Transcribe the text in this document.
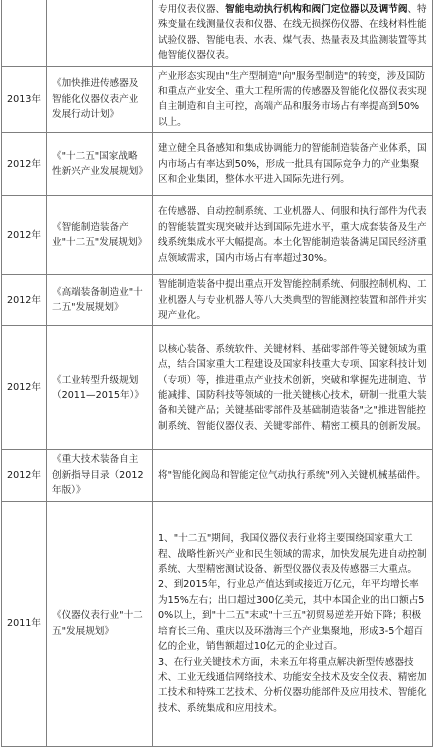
		专用仪表仪器、智能电动执行机构和阀门定位器以及调节阀、特殊变量在线测量仪表和仪器、在线无损探伤仪器、在线材料性能试验仪器、智能电表、水表、煤气表、热量表及其监测装置等其他智能仪器仪表。

2013年	《加快推进传感器及智能化仪器仪表产业发展行动计划》	产业形态实现由"生产型制造"向"服务型制造"的转变，涉及国防和重点产业安全、重大工程所需的传感器及智能化仪器仪表实现自主制造和自主可控，高端产品和服务市场占有率提高到50%以上。

2012年	《"十二五"国家战略性新兴产业发展规划》	建立健全具备感知和集成协调能力的智能制造装备产业体系，国内市场占有率达到50%，形成一批具有国际竞争力的产业集聚区和企业集团，整体水平进入国际先进行列。

2012年	《智能制造装备产业"十二五"发展规划》	在传感器、自动控制系统、工业机器人、伺服和执行部件为代表的智能装置实现突破并达到国际先进水平，重大成套装备及生产线系统集成水平大幅提高。本土化智能制造装备满足国民经济重点领域需求，国内市场占有率超过30%。

2012年	《高端装备制造业"十二五"发展规划》	智能制造装备中提出重点开发智能控制系统、伺服控制机构、工业机器人与专业机器人等八大类典型的智能测控装置和部件并实现产业化。

2012年	《工业转型升级规划（2011—2015年）》	以核心装备、系统软件、关键材料、基础零部件等关键领域为重点，结合国家重大工程建设及国家科技重大专项、国家科技计划（专项）等，推进重点产业技术创新，突破和掌握先进制造、节能减排、国防科技等领域的一批关键核心技术，研制一批重大装备和关键产品；关键基础零部件及基础制造装备"之"推进智能控制系统、智能仪器仪表、关键零部件、精密工模具的创新发展。

2012年	《重大技术装备自主创新指导目录（2012年版）》	将"智能化阀岛和智能定位气动执行系统"列入关键机械基础件。

2011年	《仪器仪表行业"十二五"发展规划》	1、"十二五"期间，我国仪器仪表行业将主要围绕国家重大工程、战略性新兴产业和民生领域的需求，加快发展先进自动控制系统、大型精密测试设备、新型仪器仪表及传感器三大重点。
2、到2015年，行业总产值达到或接近万亿元，年平均增长率为15%左右；出口超过300亿美元，其中本国企业的出口额占50%以上，到"十二五"末或"十三五"初贸易逆差开始下降；积极培育长三角、重庆以及环渤海三个产业集聚地，形成3-5个超百亿的企业，销售额超过10亿元的企业过百。
3、在行业关键技术方面，未来五年将重点解决新型传感器技术、工业无线通信网络技术、功能安全技术及安全仪表、精密加工技术和特殊工艺技术、分析仪器功能部件及应用技术、智能化技术、系统集成和应用技术。
